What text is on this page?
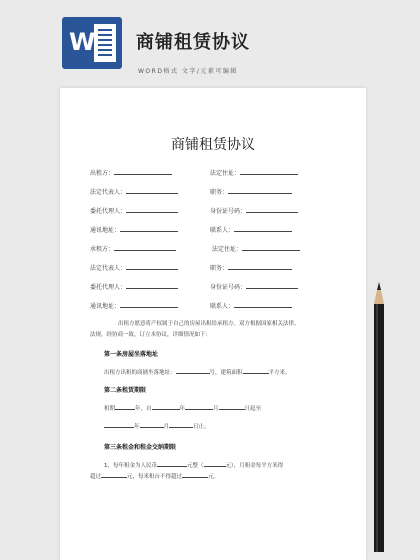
W 商铺租赁协议
WORD格式 文字/元素可编辑
商铺租赁协议
出租方：	法定住址：
法定代表人：	职务：
委托代理人：	身份证号码：
通讯地址：	联系人：
承租方：	法定住址：
法定代表人：	职务：
委托代理人：	身份证号码：
通讯地址：	联系人：
出租方愿意将产权属于自己的房屋出租给承租方。双方根据国家相关法律、
法规，经协商一致，订立本协议，详细情况如下：
第一条房屋坐落地址
出租方出租的商铺坐落地址：	号，建筑面积	平方米。
第二条租赁期限
租期	年，自	年	月	日起至
年	月	日止。
第三条租金和租金交纳期限
1、每年租金为人民币	元整（	元），月租金每平方米得
超过	元，每米租台不得超过	元。
